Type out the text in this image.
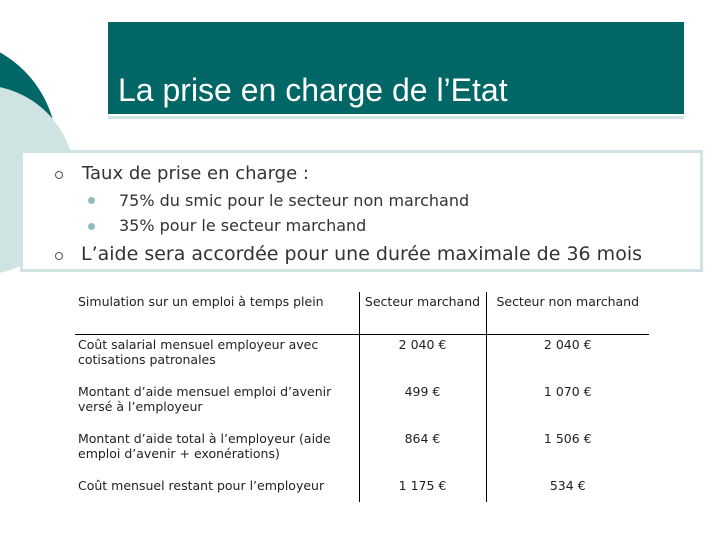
La prise en charge de l’Etat
Taux de prise en charge :
75% du smic pour le secteur non marchand
35% pour le secteur marchand
L’aide sera accordée pour une durée maximale de 36 mois
Simulation sur un emploi à temps plein	Secteur marchand	Secteur non marchand
Coût salarial mensuel employeur avec cotisations patronales	2 040 €	2 040 €
Montant d’aide mensuel emploi d’avenir versé à l’employeur	499 €	1 070 €
Montant d’aide total à l’employeur (aide emploi d’avenir + exonérations)	864 €	1 506 €
Coût mensuel restant pour l’employeur	1 175 €	534 €
